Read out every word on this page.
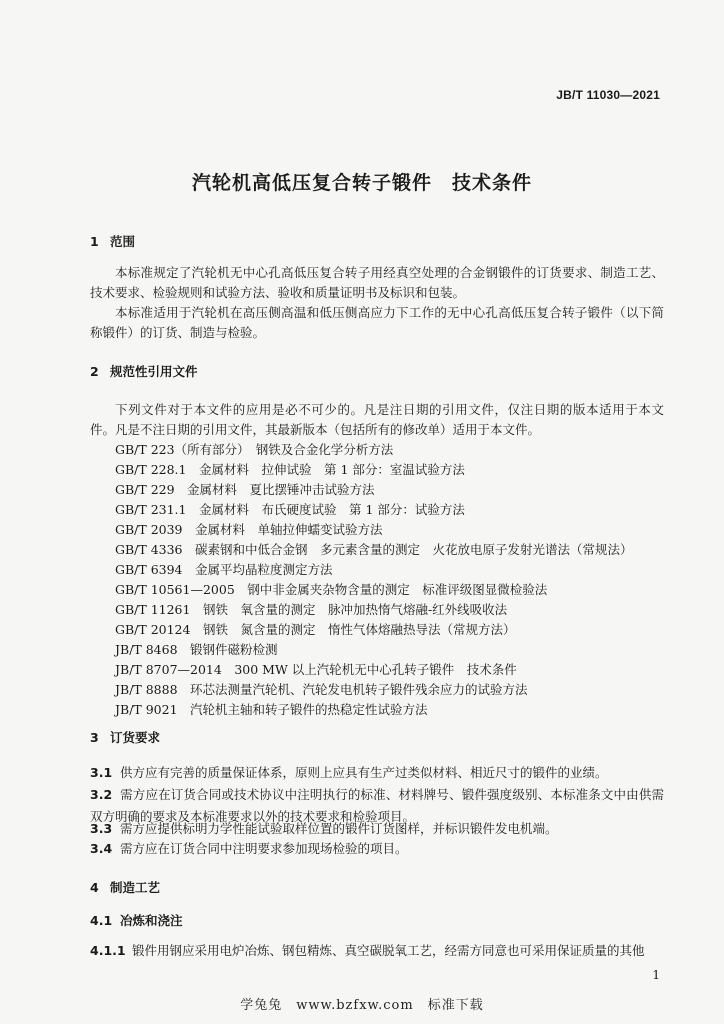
JB/T 11030—2021
汽轮机高低压复合转子锻件　技术条件
1 范围
本标准规定了汽轮机无中心孔高低压复合转子用经真空处理的合金钢锻件的订货要求、制造工艺、技术要求、检验规则和试验方法、验收和质量证明书及标识和包装。
本标准适用于汽轮机在高压侧高温和低压侧高应力下工作的无中心孔高低压复合转子锻件（以下简称锻件）的订货、制造与检验。
2 规范性引用文件
下列文件对于本文件的应用是必不可少的。凡是注日期的引用文件，仅注日期的版本适用于本文件。凡是不注日期的引用文件，其最新版本（包括所有的修改单）适用于本文件。
GB/T 223（所有部分）　钢铁及合金化学分析方法
GB/T 228.1　金属材料　拉伸试验　第 1 部分：室温试验方法
GB/T 229　金属材料　夏比摆锤冲击试验方法
GB/T 231.1　金属材料　布氏硬度试验　第 1 部分：试验方法
GB/T 2039　金属材料　单轴拉伸蠕变试验方法
GB/T 4336　碳素钢和中低合金钢　多元素含量的测定　火花放电原子发射光谱法（常规法）
GB/T 6394　金属平均晶粒度测定方法
GB/T 10561—2005　钢中非金属夹杂物含量的测定　标准评级图显微检验法
GB/T 11261　钢铁　氧含量的测定　脉冲加热惰气熔融-红外线吸收法
GB/T 20124　钢铁　氮含量的测定　惰性气体熔融热导法（常规方法）
JB/T 8468　锻钢件磁粉检测
JB/T 8707—2014　300 MW 以上汽轮机无中心孔转子锻件　技术条件
JB/T 8888　环芯法测量汽轮机、汽轮发电机转子锻件残余应力的试验方法
JB/T 9021　汽轮机主轴和转子锻件的热稳定性试验方法
3 订货要求
3.1 供方应有完善的质量保证体系，原则上应具有生产过类似材料、相近尺寸的锻件的业绩。
3.2 需方应在订货合同或技术协议中注明执行的标准、材料牌号、锻件强度级别、本标准条文中由供需双方明确的要求及本标准要求以外的技术要求和检验项目。
3.3 需方应提供标明力学性能试验取样位置的锻件订货图样，并标识锻件发电机端。
3.4 需方应在订货合同中注明要求参加现场检验的项目。
4 制造工艺
4.1 冶炼和浇注
4.1.1 锻件用钢应采用电炉冶炼、钢包精炼、真空碳脱氧工艺，经需方同意也可采用保证质量的其他
1
学兔兔　www.bzfxw.com　标准下载
